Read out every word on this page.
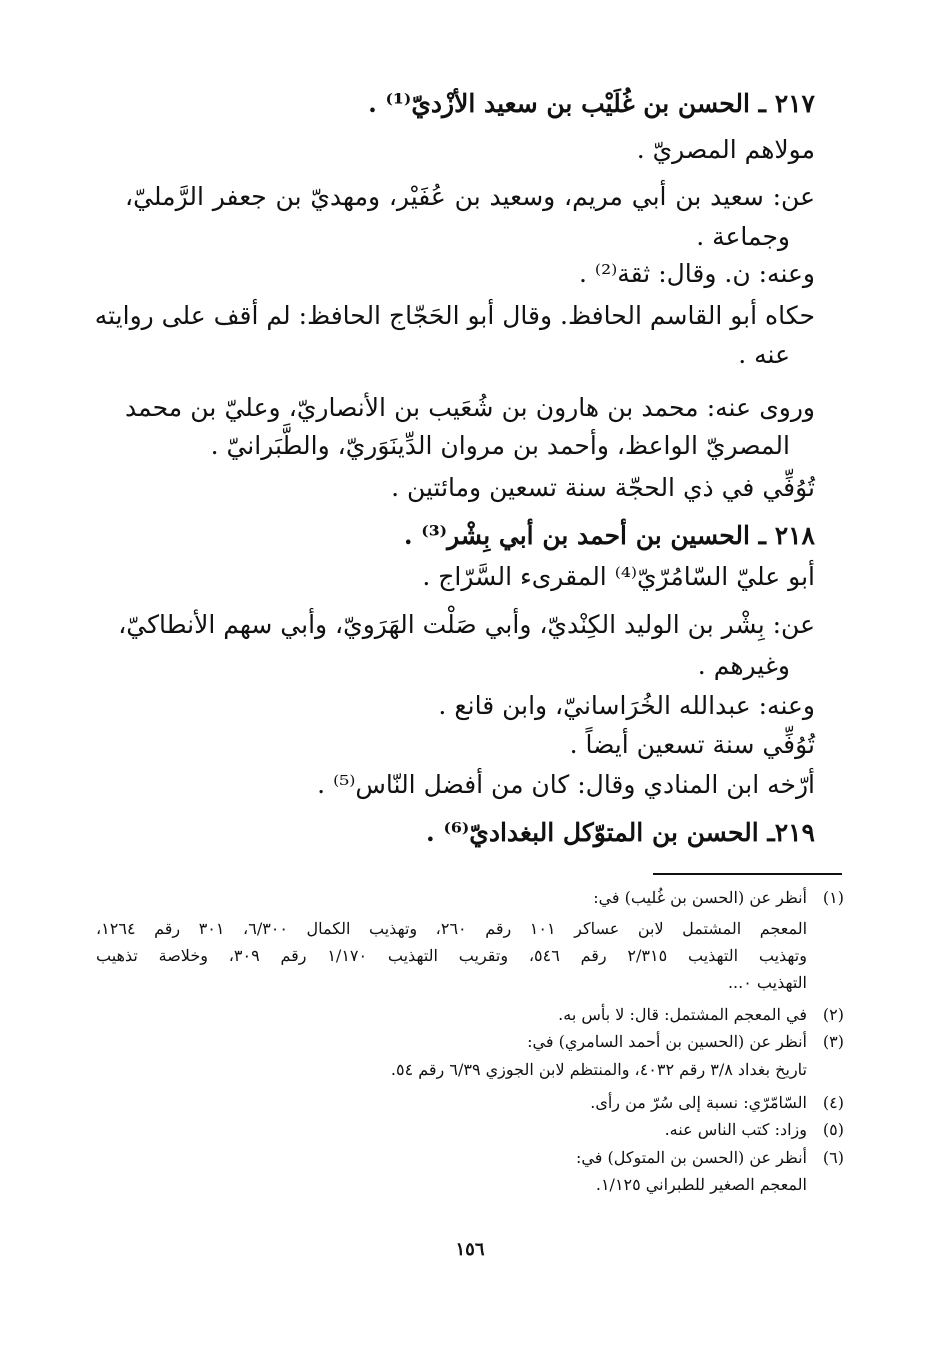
٢١٧ ـ الحسن بن غُلَيْب بن سعيد الأزْديّ⁽¹⁾ .
مولاهم المصريّ .
عن: سعيد بن أبي مريم، وسعيد بن عُفَيْر، ومهديّ بن جعفر الرَّمليّ،
وجماعة .
وعنه: ن. وقال: ثقة⁽²⁾ .
حكاه أبو القاسم الحافظ. وقال أبو الحَجّاج الحافظ: لم أقف على روايته
عنه .
وروى عنه: محمد بن هارون بن شُعَيب بن الأنصاريّ، وعليّ بن محمد
المصريّ الواعظ، وأحمد بن مروان الدِّينَوَريّ، والطَّبَرانيّ .
تُوُفِّي في ذي الحجّة سنة تسعين ومائتين .
٢١٨ ـ الحسين بن أحمد بن أبي بِشْر⁽³⁾ .
أبو عليّ السّامُرّيّ⁽⁴⁾ المقرىء السَّرّاج .
عن: بِشْر بن الوليد الكِنْديّ، وأبي صَلْت الهَرَويّ، وأبي سهم الأنطاكيّ،
وغيرهم .
وعنه: عبدالله الخُرَاسانيّ، وابن قانع .
تُوُفِّي سنة تسعين أيضاً .
أرّخه ابن المنادي وقال: كان من أفضل النّاس⁽⁵⁾ .
٢١٩ـ الحسن بن المتوّكل البغداديّ⁽⁶⁾ .
(١)
أنظر عن (الحسن بن غُليب) في:
المعجم المشتمل لابن عساكر ١٠١ رقم ٢٦٠، وتهذيب الكمال ٦/٣٠٠، ٣٠١ رقم ١٢٦٤،
وتهذيب التهذيب ٢/٣١٥ رقم ٥٤٦، وتقريب التهذيب ١/١٧٠ رقم ٣٠٩، وخلاصة تذهيب
التهذيب ٠...
(٢)
في المعجم المشتمل: قال: لا بأس به.
(٣)
أنظر عن (الحسين بن أحمد السامري) في:
تاريخ بغداد ٣/٨ رقم ٤٠٣٢، والمنتظم لابن الجوزي ٦/٣٩ رقم ٥٤.
(٤)
السّامّرّي: نسبة إلى سُرّ من رأى.
(٥)
وزاد: كتب الناس عنه.
(٦)
أنظر عن (الحسن بن المتوكل) في:
المعجم الصغير للطبراني ١/١٢٥.
١٥٦
